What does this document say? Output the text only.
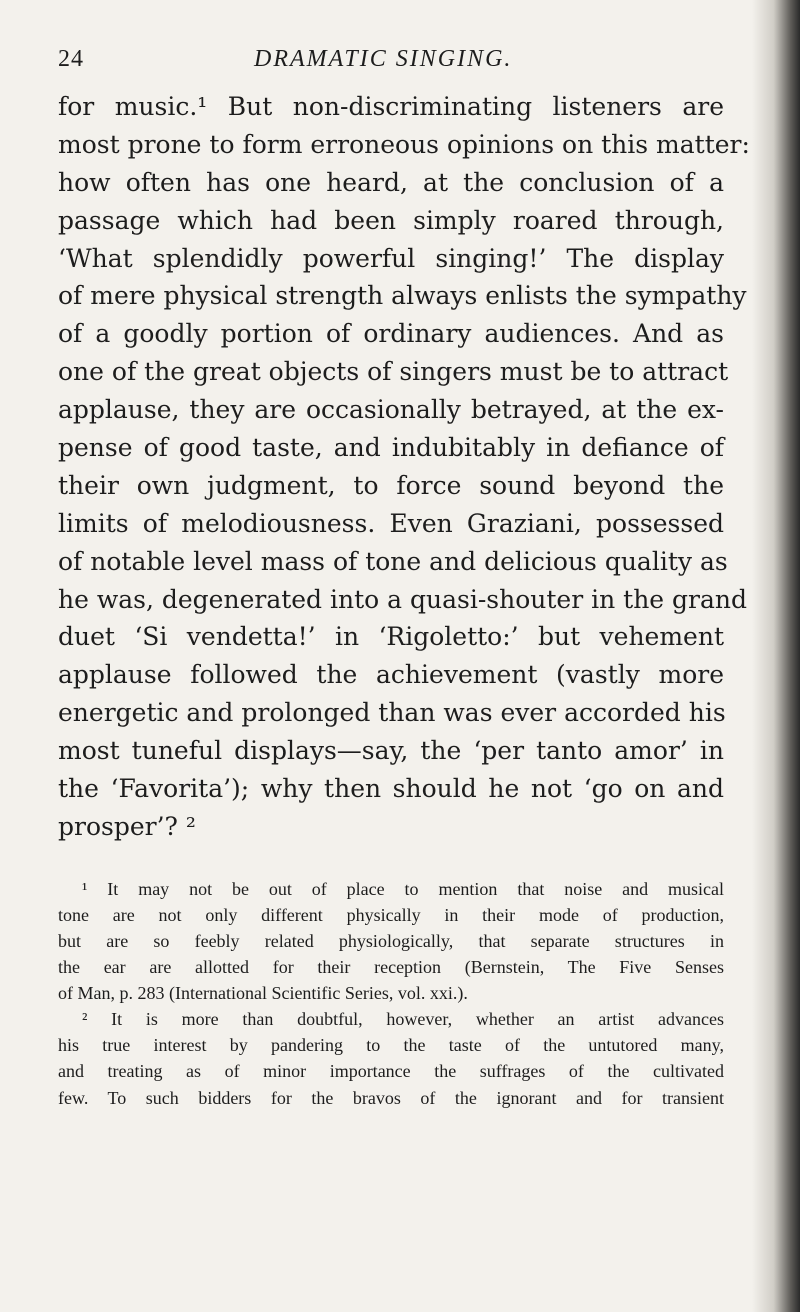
24	DRAMATIC SINGING.
for music.¹ But non-discriminating listeners are
most prone to form erroneous opinions on this matter:
how often has one heard, at the conclusion of a
passage which had been simply roared through,
‘What splendidly powerful singing!’ The display
of mere physical strength always enlists the sympathy
of a goodly portion of ordinary audiences. And as
one of the great objects of singers must be to attract
applause, they are occasionally betrayed, at the ex-
pense of good taste, and indubitably in defiance of
their own judgment, to force sound beyond the
limits of melodiousness. Even Graziani, possessed
of notable level mass of tone and delicious quality as
he was, degenerated into a quasi-shouter in the grand
duet ‘Si vendetta!’ in ‘Rigoletto:’ but vehement
applause followed the achievement (vastly more
energetic and prolonged than was ever accorded his
most tuneful displays—say, the ‘per tanto amor’ in
the ‘Favorita’); why then should he not ‘go on and
prosper’? ²
¹ It may not be out of place to mention that noise and musical
tone are not only different physically in their mode of production,
but are so feebly related physiologically, that separate structures in
the ear are allotted for their reception (Bernstein, The Five Senses
of Man, p. 283 (International Scientific Series, vol. xxi.).
² It is more than doubtful, however, whether an artist advances
his true interest by pandering to the taste of the untutored many,
and treating as of minor importance the suffrages of the cultivated
few. To such bidders for the bravos of the ignorant and for transient
